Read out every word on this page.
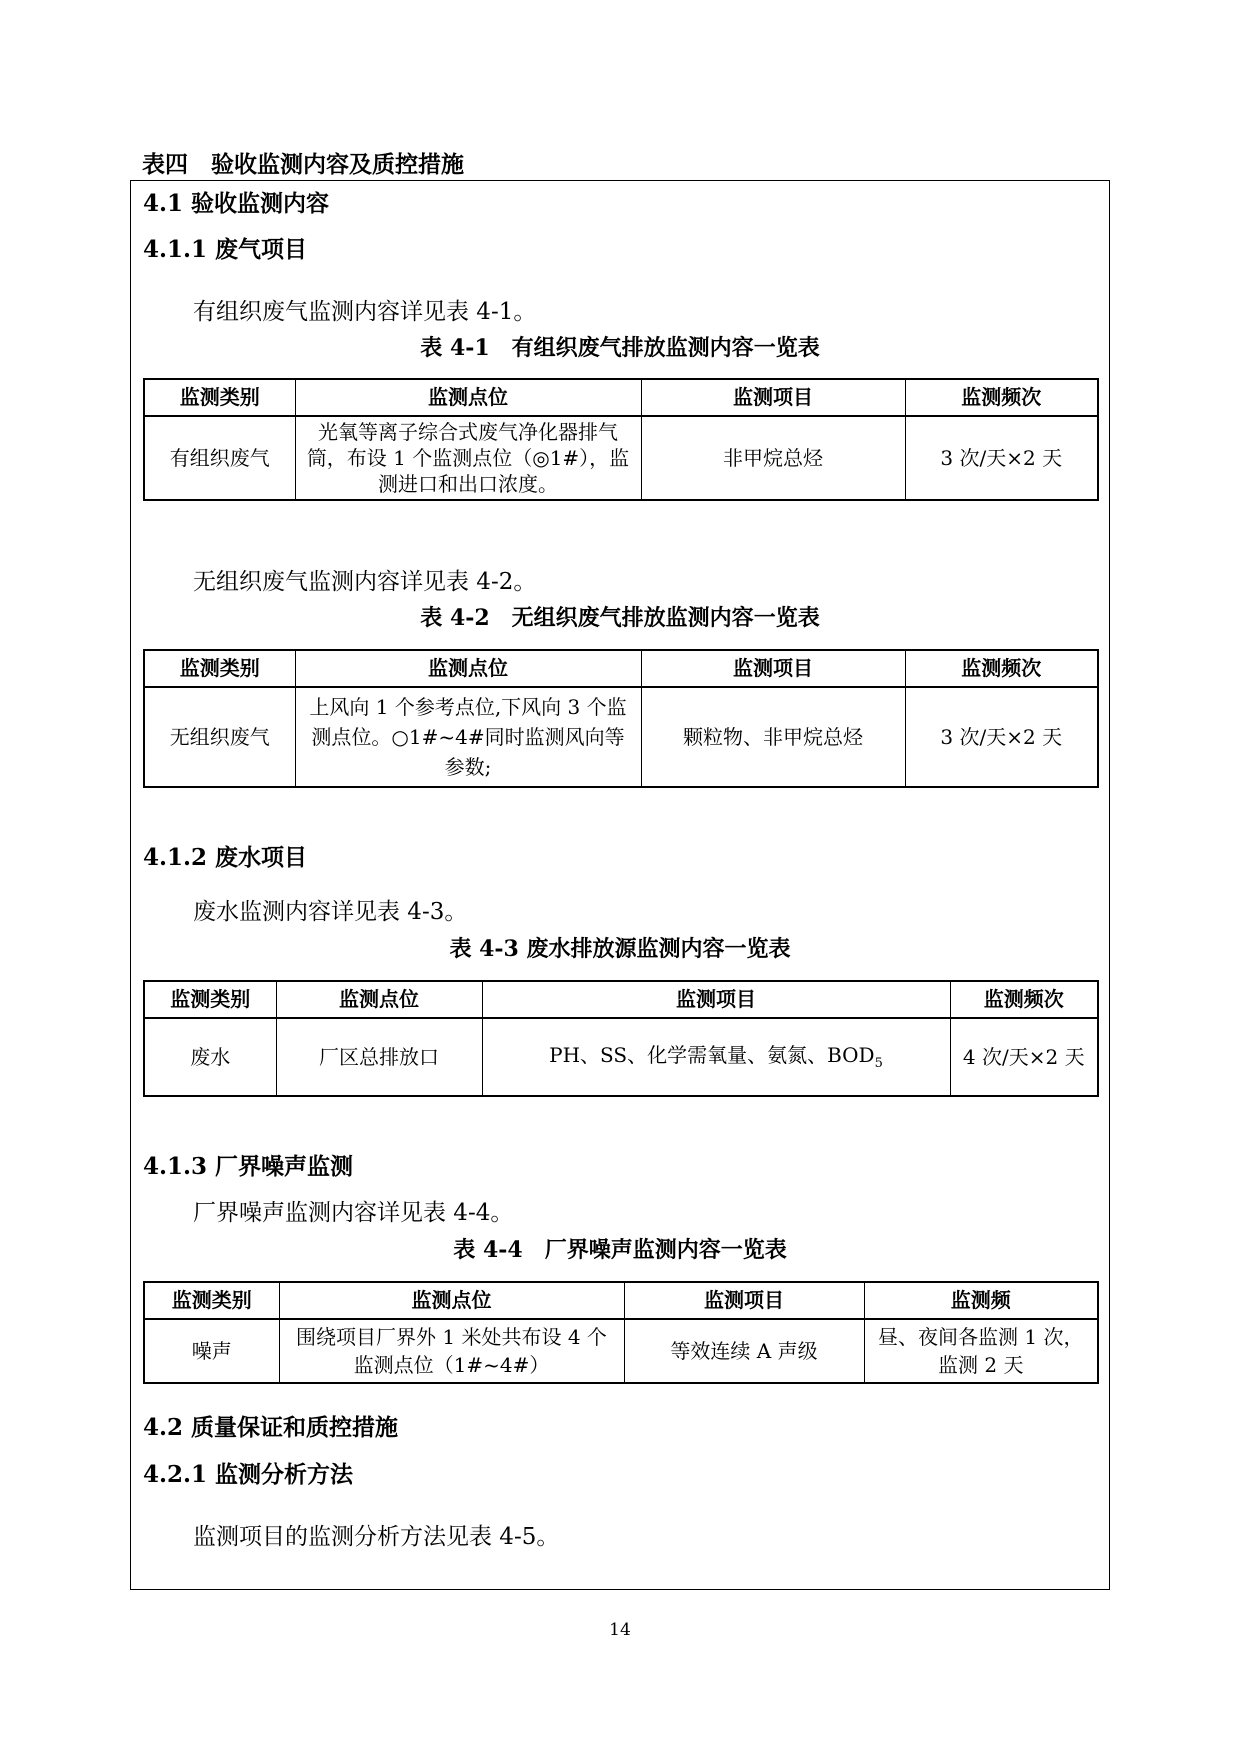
表四　验收监测内容及质控措施
4.1 验收监测内容
4.1.1 废气项目
有组织废气监测内容详见表 4-1。
表 4-1　有组织废气排放监测内容一览表
监测类别	监测点位	监测项目	监测频次
有组织废气	光氧等离子综合式废气净化器排气筒，布设 1 个监测点位（◎1#），监测进口和出口浓度。	非甲烷总烃	3 次/天×2 天
无组织废气监测内容详见表 4-2。
表 4-2　无组织废气排放监测内容一览表
监测类别	监测点位	监测项目	监测频次
无组织废气	上风向 1 个参考点位,下风向 3 个监测点位。○1#~4#同时监测风向等参数;	颗粒物、非甲烷总烃	3 次/天×2 天
4.1.2 废水项目
废水监测内容详见表 4-3。
表 4-3 废水排放源监测内容一览表
监测类别	监测点位	监测项目	监测频次
废水	厂区总排放口	PH、SS、化学需氧量、氨氮、$BOD_5$	4 次/天×2 天
4.1.3 厂界噪声监测
厂界噪声监测内容详见表 4-4。
表 4-4　厂界噪声监测内容一览表
监测类别	监测点位	监测项目	监测频
噪声	围绕项目厂界外 1 米处共布设 4 个监测点位（1#~4#）	等效连续 A 声级	昼、夜间各监测 1 次，监测 2 天
4.2 质量保证和质控措施
4.2.1 监测分析方法
监测项目的监测分析方法见表 4-5。
14
